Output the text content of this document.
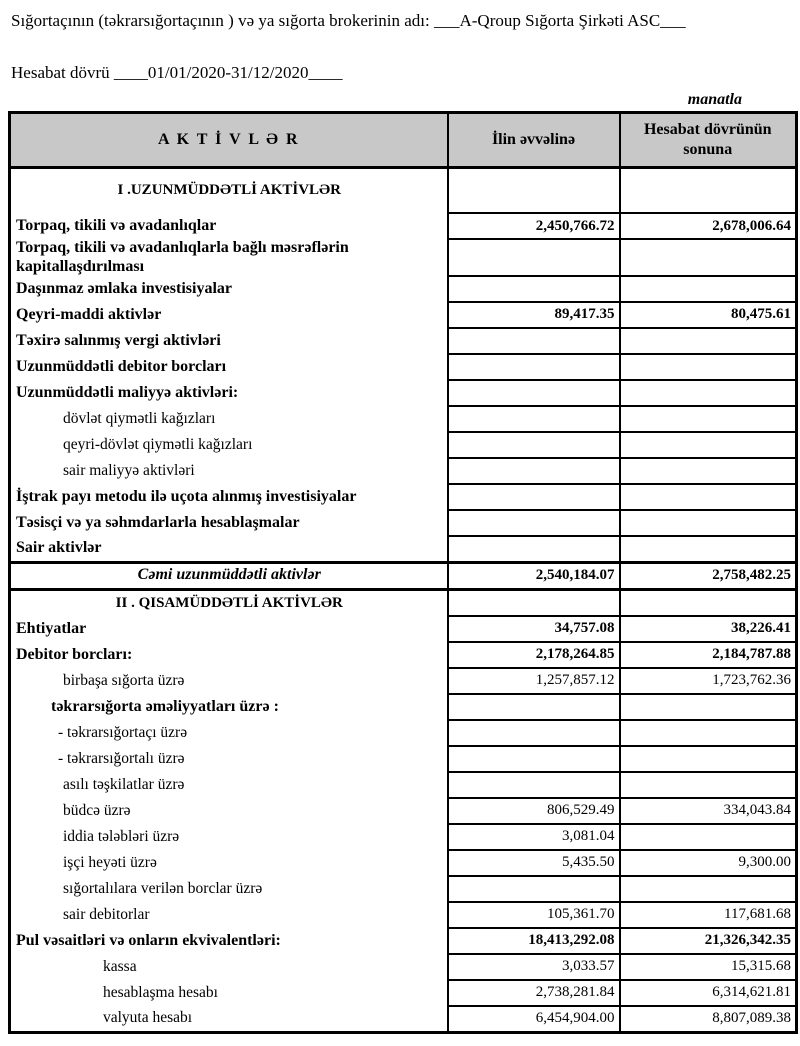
Sığortaçının (təkrarsığortaçının ) və ya sığorta brokerinin adı: ___A-Qroup Sığorta Şirkəti ASC___
Hesabat dövrü ____01/01/2020-31/12/2020____
manatla
A K T İ V L Ə R	İlin əvvəlinə	Hesabat dövrünün sonuna
I .UZUNMÜDDƏTLİ AKTİVLƏR		
Torpaq, tikili və avadanlıqlar	2,450,766.72	2,678,006.64
Torpaq, tikili və avadanlıqlarla bağlı məsrəflərin kapitallaşdırılması		
Daşınmaz əmlaka investisiyalar		
Qeyri-maddi aktivlər	89,417.35	80,475.61
Təxirə salınmış vergi aktivləri		
Uzunmüddətli debitor borcları		
Uzunmüddətli maliyyə aktivləri:		
dövlət qiymətli kağızları		
qeyri-dövlət qiymətli kağızları		
sair maliyyə aktivləri		
İştrak payı metodu ilə uçota alınmış investisiyalar		
Təsisçi və ya səhmdarlarla hesablaşmalar		
Sair aktivlər		
Cəmi uzunmüddətli aktivlər	2,540,184.07	2,758,482.25
II . QISAMÜDDƏTLİ AKTİVLƏR		
Ehtiyatlar	34,757.08	38,226.41
Debitor borcları:	2,178,264.85	2,184,787.88
birbaşa sığorta üzrə	1,257,857.12	1,723,762.36
təkrarsığorta əməliyyatları üzrə :		
- təkrarsığortaçı üzrə		
- təkrarsığortalı üzrə		
asılı təşkilatlar üzrə		
büdcə üzrə	806,529.49	334,043.84
iddia tələbləri üzrə	3,081.04	
işçi heyəti üzrə	5,435.50	9,300.00
sığortalılara verilən borclar üzrə		
sair debitorlar	105,361.70	117,681.68
Pul vəsaitləri və onların ekvivalentləri:	18,413,292.08	21,326,342.35
kassa	3,033.57	15,315.68
hesablaşma hesabı	2,738,281.84	6,314,621.81
valyuta hesabı	6,454,904.00	8,807,089.38
